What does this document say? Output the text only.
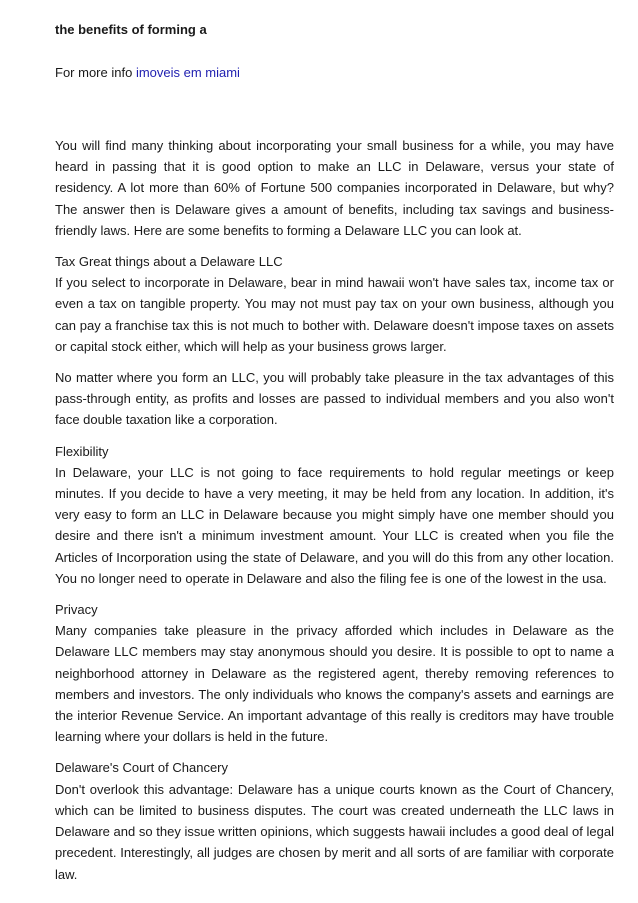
the benefits of forming a
For more info imoveis em miami

You will find many thinking about incorporating your small business for a while, you may have heard in passing that it is good option to make an LLC in Delaware, versus your state of residency. A lot more than 60% of Fortune 500 companies incorporated in Delaware, but why? The answer then is Delaware gives a amount of benefits, including tax savings and business-friendly laws. Here are some benefits to forming a Delaware LLC you can look at.

Tax Great things about a Delaware LLC
If you select to incorporate in Delaware, bear in mind hawaii won't have sales tax, income tax or even a tax on tangible property. You may not must pay tax on your own business, although you can pay a franchise tax this is not much to bother with. Delaware doesn't impose taxes on assets or capital stock either, which will help as your business grows larger.

No matter where you form an LLC, you will probably take pleasure in the tax advantages of this pass-through entity, as profits and losses are passed to individual members and you also won't face double taxation like a corporation.

Flexibility
In Delaware, your LLC is not going to face requirements to hold regular meetings or keep minutes. If you decide to have a very meeting, it may be held from any location. In addition, it's very easy to form an LLC in Delaware because you might simply have one member should you desire and there isn't a minimum investment amount. Your LLC is created when you file the Articles of Incorporation using the state of Delaware, and you will do this from any other location. You no longer need to operate in Delaware and also the filing fee is one of the lowest in the usa.

Privacy
Many companies take pleasure in the privacy afforded which includes in Delaware as the Delaware LLC members may stay anonymous should you desire. It is possible to opt to name a neighborhood attorney in Delaware as the registered agent, thereby removing references to members and investors. The only individuals who knows the company's assets and earnings are the interior Revenue Service. An important advantage of this really is creditors may have trouble learning where your dollars is held in the future.

Delaware's Court of Chancery
Don't overlook this advantage: Delaware has a unique courts known as the Court of Chancery, which can be limited to business disputes. The court was created underneath the LLC laws in Delaware and so they issue written opinions, which suggests hawaii includes a good deal of legal precedent. Interestingly, all judges are chosen by merit and all sorts of are familiar with corporate law.
